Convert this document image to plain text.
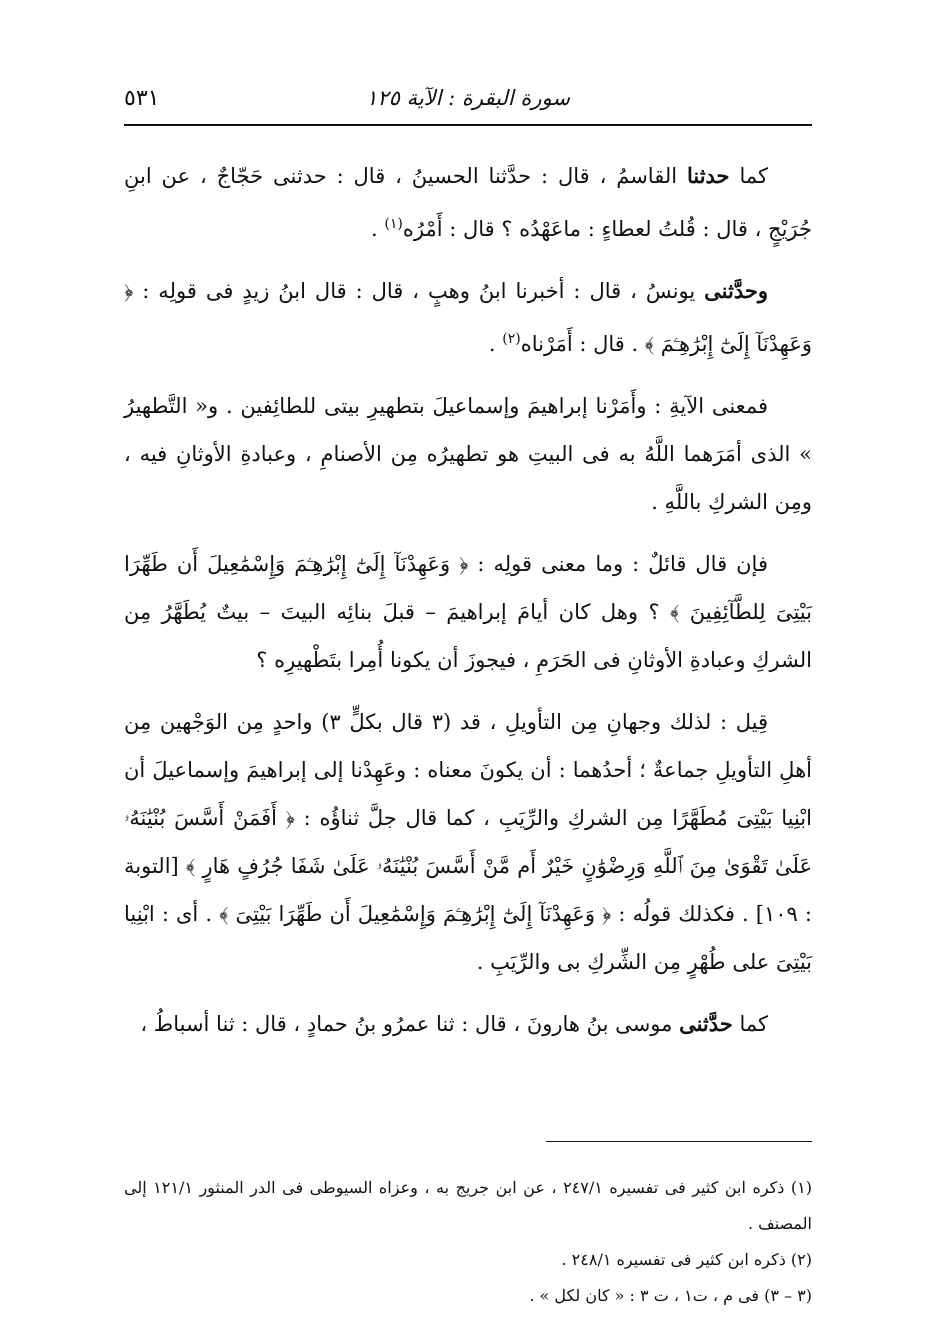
سورة البقرة : الآية ١٢٥
٥٣١

كما حدثنا القاسمُ ، قال : حدَّثنا الحسينُ ، قال : حدثنى حَجّاجٌ ، عن ابنِ جُرَيْجٍ ، قال : قُلتُ لعطاءٍ : ماعَهْدُه ؟ قال : أَمْرُه$^{(١)}$ .

وحدَّثنى يونسُ ، قال : أخبرنا ابنُ وهبٍ ، قال : قال ابنُ زيدٍ فى قولِه : ﴿ وَعَهِدْنَآ إِلَىٰٓ إِبْرَٰهِـۧمَ ﴾ . قال : أَمَرْناه$^{(٢)}$ .

فمعنى الآيةِ : وأَمَرْنا إبراهيمَ وإسماعيلَ بتطهيرِ بيتى للطائِفين . و« التَّطهيرُ » الذى أمَرَهما اللَّهُ به فى البيتِ هو تطهيرُه مِن الأصنامِ ، وعبادةِ الأوثانِ فيه ، ومِن الشركِ باللَّهِ .

فإن قال قائلٌ : وما معنى قولِه : ﴿ وَعَهِدْنَآ إِلَىٰٓ إِبْرَٰهِـۧمَ وَإِسْمَٰعِيلَ أَن طَهِّرَا بَيْتِىَ لِلطَّآئِفِينَ ﴾ ؟ وهل كان أيامَ إبراهيمَ – قبلَ بنائِه البيتَ – بيتٌ يُطَهَّرُ مِن الشركِ وعبادةِ الأوثانِ فى الحَرَمِ ، فيجوزَ أن يكونا أُمِرا بتَطْهيرِه ؟

قِيل : لذلك وجهانِ مِن التأويلِ ، قد (٣ قال بكلٍّ ٣) واحدٍ مِن الوَجْهين مِن أهلِ التأويلِ جماعةٌ ؛ أحدُهما : أن يكونَ معناه : وعَهِدْنا إلى إبراهيمَ وإسماعيلَ أن ابْنِيا بَيْتِىَ مُطَهَّرًا مِن الشركِ والرِّيَبِ ، كما قال جلَّ ثناؤُه : ﴿ أَفَمَنْ أَسَّسَ بُنْيَٰنَهُۥ عَلَىٰ تَقْوَىٰ مِنَ ٱللَّهِ وَرِضْوَٰنٍ خَيْرٌ أَم مَّنْ أَسَّسَ بُنْيَٰنَهُۥ عَلَىٰ شَفَا جُرُفٍ هَارٍ ﴾ [التوبة : ١٠٩] . فكذلك قولُه : ﴿ وَعَهِدْنَآ إِلَىٰٓ إِبْرَٰهِـۧمَ وَإِسْمَٰعِيلَ أَن طَهِّرَا بَيْتِىَ ﴾ . أى : ابْنِيا بَيْتِىَ على طُهْرٍ مِن الشِّركِ بى والرِّيَبِ .

كما حدَّثنى موسى بنُ هارونَ ، قال : ثنا عمرُو بنُ حمادٍ ، قال : ثنا أسباطُ ،

(١) ذكره ابن كثير فى تفسيره ٢٤٧/١ ، عن ابن جريج به ، وعزاه السيوطى فى الدر المنثور ١٢١/١ إلى المصنف .

(٢) ذكره ابن كثير فى تفسيره ٢٤٨/١ .

(٣ – ٣) فى م ، ت١ ، ت ٣ : « كان لكل » .
